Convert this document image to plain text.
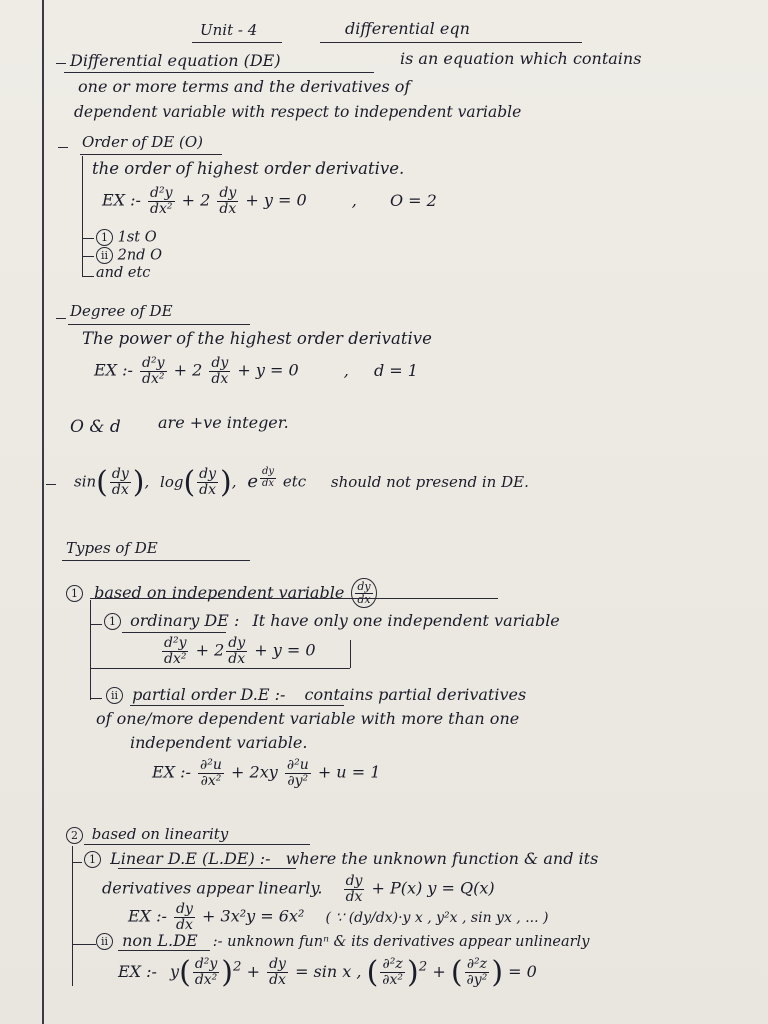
Unit - 4	differential eqn
Differential equation (DE)	is an equation which contains
one or more terms and the derivatives of
dependent variable with respect to independent variable
Order of DE (O)
the order of highest order derivative.
EX :- $\frac{\text{d²y}}{\text{dx²}} + 2 \frac{dy}{dx} + y = 0$	, O = 2
1 1st O
ii 2nd O
and etc
Degree of DE
The power of the highest order derivative
EX :- $\frac{\text{d²y}}{\text{dx²}} + 2 \frac{dy}{dx} + y = 0$	, d = 1
O & d are +ve integer.
$\sin( \frac{dy}{dx}$ ), $\log( \frac{dy}{dx}$ ), e $^{\frac{dy}{dx}}$ etc should not presend in DE.
Types of DE
1 based on independent variable $\frac{dy}{dx}$
1 ordinary DE : It have only one independent variable
$\frac{\text{d²y}}{\text{dx²}} + 2 \frac{dy}{dx} + y = 0$
ii partial order D.E :- contains partial derivatives
of one/more dependent variable with more than one
independent variable.
EX :- $\frac{\text{∂²u}}{\text{∂x²}} + 2xy \frac{\text{∂²u}}{\text{∂y²}} + u = 1$
2 based on linearity
1 Linear D.E (L.DE) :- where the unknown function & and its
derivatives appear linearly. $\frac{dy}{dx} + P(x) y = Q(x)$
EX :- $\frac{dy}{dx} + 3x^2y = 6x^2$ ( ∵ (dy/dx)·y x , y²x , sin yx , ... )
ii non L.DE :- unknown funⁿ & its derivatives appear unlinearly
EX :- $y( \frac{\text{d²y}}{\text{dx²}} )^2 + \frac{dy}{dx} = \sin x$ , ( $\frac{\text{∂²z}}{\text{∂x²}} )^2$ + ( $\frac{\text{∂²z}}{\text{∂y²}}$ ) = 0
